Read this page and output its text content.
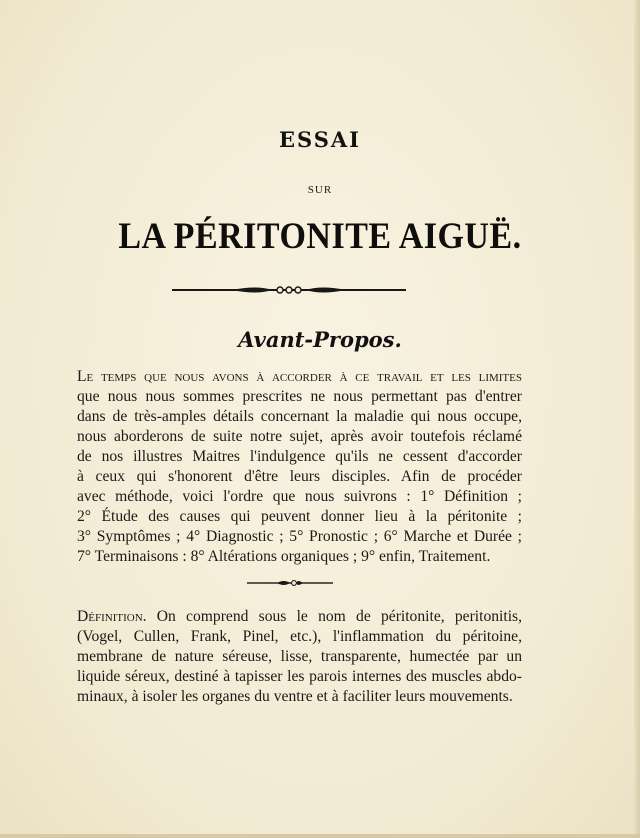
ESSAI
SUR
LA PÉRITONITE AIGUË.
Avant-Propos.
Le temps que nous avons à accorder à ce travail et les limites
que nous nous sommes prescrites ne nous permettant pas d'entrer
dans de très-amples détails concernant la maladie qui nous occupe,
nous aborderons de suite notre sujet, après avoir toutefois réclamé
de nos illustres Maitres l'indulgence qu'ils ne cessent d'accorder
à ceux qui s'honorent d'être leurs disciples. Afin de procéder
avec méthode, voici l'ordre que nous suivrons : 1° Définition ;
2° Étude des causes qui peuvent donner lieu à la péritonite ;
3° Symptômes ; 4° Diagnostic ; 5° Pronostic ; 6° Marche et Durée ;
7° Terminaisons : 8° Altérations organiques ; 9° enfin, Traitement.
Définition. On comprend sous le nom de péritonite, peritonitis,
(Vogel, Cullen, Frank, Pinel, etc.), l'inflammation du péritoine,
membrane de nature séreuse, lisse, transparente, humectée par un
liquide séreux, destiné à tapisser les parois internes des muscles abdo-
minaux, à isoler les organes du ventre et à faciliter leurs mouvements.
